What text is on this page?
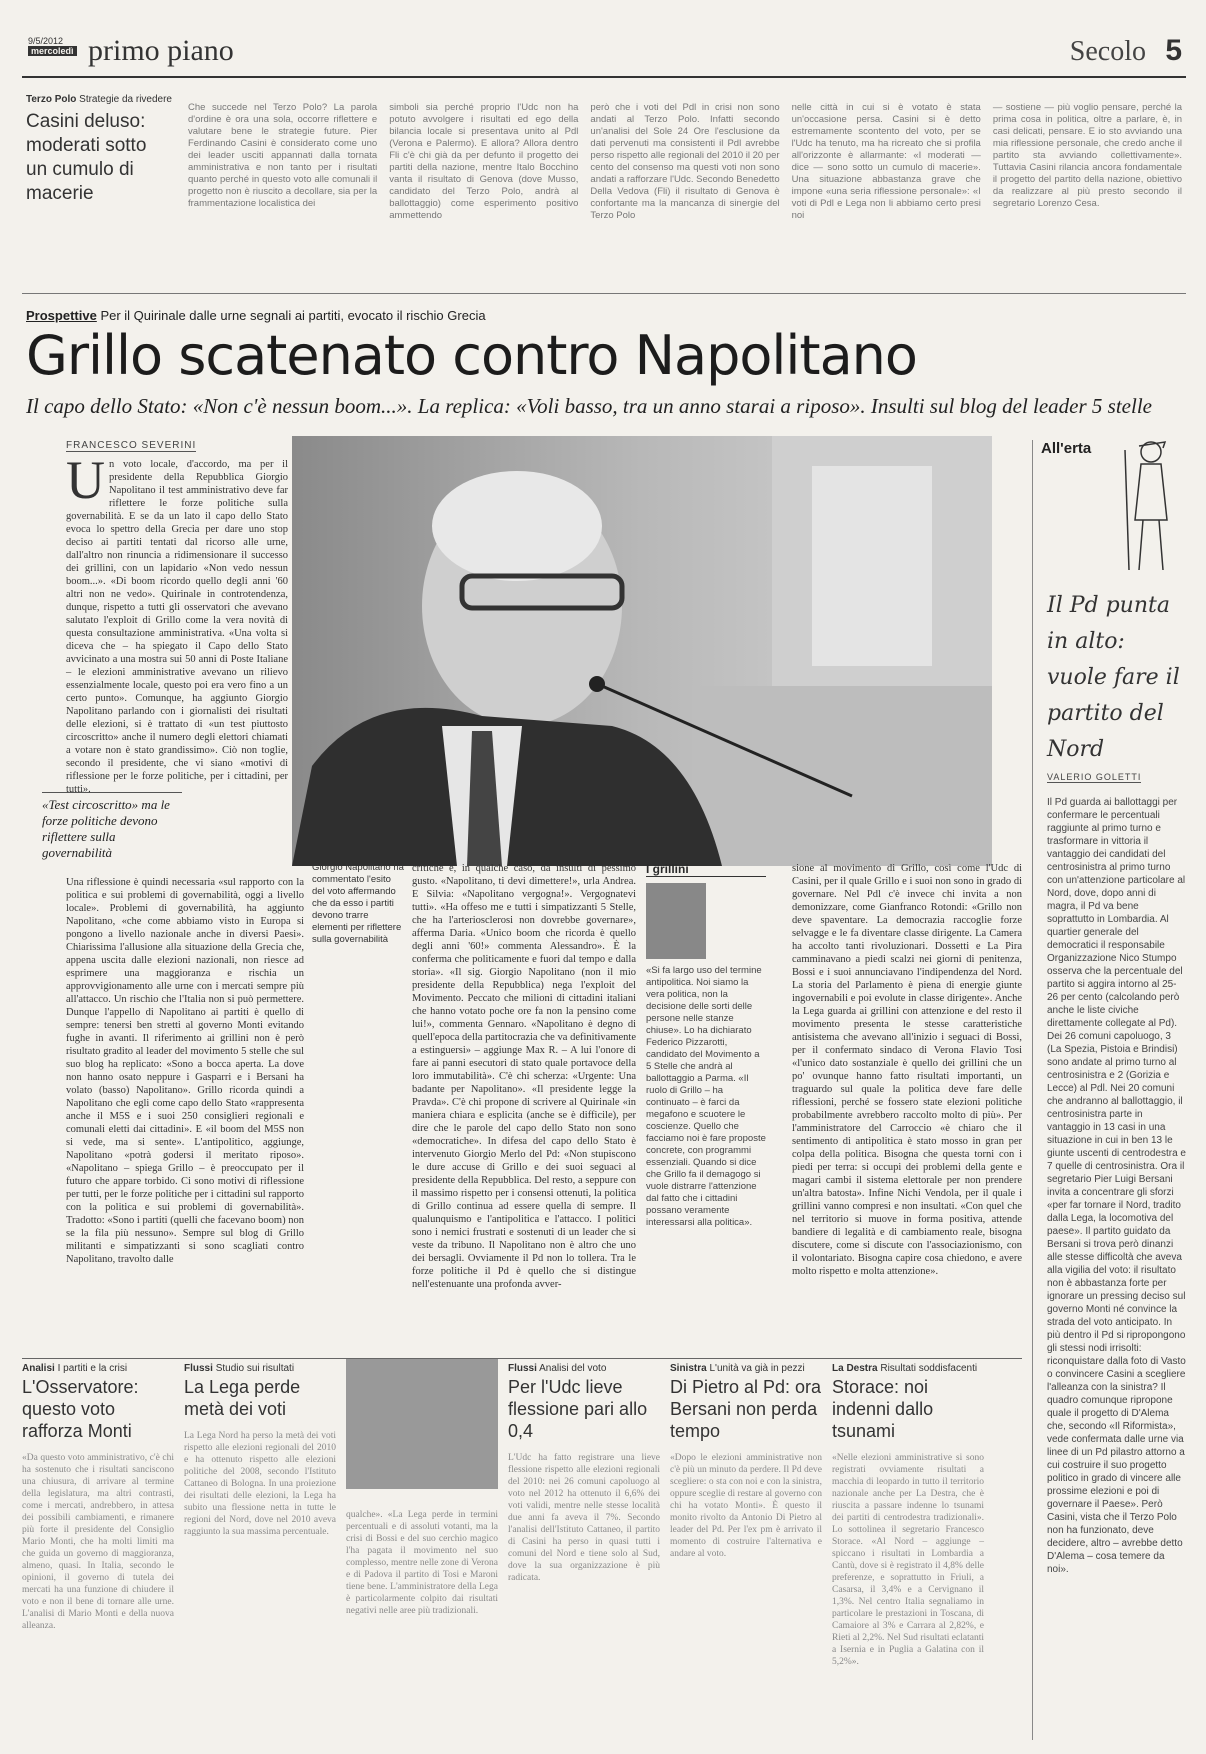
9/5/2012
mercoledì primo piano	Secolo 5
Terzo Polo Strategie da rivedere
Casini deluso: moderati sotto un cumulo di macerie
Che succede nel Terzo Polo? La parola d'ordine è ora una sola, occorre riflettere e valutare bene le strategie future. Pier Ferdinando Casini è considerato come uno dei leader usciti appannati dalla tornata amministrativa e non tanto per i risultati quanto perché in questo voto alle comunali il progetto non è riuscito a decollare, sia per la frammentazione localistica dei
simboli sia perché proprio l'Udc non ha potuto avvolgere i risultati ed ego della bilancia locale si presentava unito al Pdl (Verona e Palermo). E allora? Allora dentro Fli c'è chi già da per defunto il progetto dei partiti della nazione, mentre Italo Bocchino vanta il risultato di Genova (dove Musso, candidato del Terzo Polo, andrà al ballottaggio) come esperimento positivo ammettendo
però che i voti del Pdl in crisi non sono andati al Terzo Polo. Infatti secondo un'analisi del Sole 24 Ore l'esclusione da dati pervenuti ma consistenti il Pdl avrebbe perso rispetto alle regionali del 2010 il 20 per cento del consenso ma questi voti non sono andati a rafforzare l'Udc. Secondo Benedetto Della Vedova (Fli) il risultato di Genova è confortante ma la mancanza di sinergie del Terzo Polo
nelle città in cui si è votato è stata un'occasione persa. Casini si è detto estremamente scontento del voto, per se l'Udc ha tenuto, ma ha ricreato che si profila all'orizzonte è allarmante: «I moderati — dice — sono sotto un cumulo di macerie». Una situazione abbastanza grave che impone «una seria riflessione personale»: «I voti di Pdl e Lega non li abbiamo certo presi noi
— sostiene — più voglio pensare, perché la prima cosa in politica, oltre a parlare, è, in casi delicati, pensare. E io sto avviando una mia riflessione personale, che credo anche il partito sta avviando collettivamente». Tuttavia Casini rilancia ancora fondamentale il progetto del partito della nazione, obiettivo da realizzare al più presto secondo il segretario Lorenzo Cesa.
Prospettive Per il Quirinale dalle urne segnali ai partiti, evocato il rischio Grecia
Grillo scatenato contro Napolitano
Il capo dello Stato: «Non c'è nessun boom...». La replica: «Voli basso, tra un anno starai a riposo». Insulti sul blog del leader 5 stelle
FRANCESCO SEVERINI
Un voto locale, d'accordo, ma per il presidente della Repubblica Giorgio Napolitano il test amministrativo deve far riflettere le forze politiche sulla governabilità. E se da un lato il capo dello Stato evoca lo spettro della Grecia per dare uno stop deciso ai partiti tentati dal ricorso alle urne, dall'altro non rinuncia a ridimensionare il successo dei grillini, con un lapidario «Non vedo nessun boom...». «Di boom ricordo quello degli anni '60 altri non ne vedo». Quirinale in controtendenza, dunque, rispetto a tutti gli osservatori che avevano salutato l'exploit di Grillo come la vera novità di questa consultazione amministrativa. «Una volta si diceva che – ha spiegato il Capo dello Stato avvicinato a una mostra sui 50 anni di Poste Italiane – le elezioni amministrative avevano un rilievo essenzialmente locale, questo poi era vero fino a un certo punto». Comunque, ha aggiunto Giorgio Napolitano parlando con i giornalisti dei risultati delle elezioni, si è trattato di «un test piuttosto circoscritto» anche il numero degli elettori chiamati a votare non è stato grandissimo». Ciò non toglie, secondo il presidente, che vi siano «motivi di riflessione per le forze politiche, per i cittadini, per tutti».
«Test circoscritto» ma le forze politiche devono riflettere sulla governabilità
Una riflessione è quindi necessaria «sul rapporto con la politica e sui problemi di governabilità, oggi a livello locale». Problemi di governabilità, ha aggiunto Napolitano, «che come abbiamo visto in Europa si pongono a livello nazionale anche in diversi Paesi». Chiarissima l'allusione alla situazione della Grecia che, appena uscita dalle elezioni nazionali, non riesce ad esprimere una maggioranza e rischia un approvvigionamento alle urne con i mercati sempre più all'attacco. Un rischio che l'Italia non si può permettere. Dunque l'appello di Napolitano ai partiti è quello di sempre: tenersi ben stretti al governo Monti evitando fughe in avanti. Il riferimento ai grillini non è però risultato gradito al leader del movimento 5 stelle che sul suo blog ha replicato: «Sono a bocca aperta. La dove non hanno osato neppure i Gasparri e i Bersani ha volato (basso) Napolitano». Grillo ricorda quindi a Napolitano che egli come capo dello Stato «rappresenta anche il M5S e i suoi 250 consiglieri regionali e comunali eletti dai cittadini». E «il boom del M5S non si vede, ma si sente». L'antipolitico, aggiunge, Napolitano «potrà godersi il meritato riposo». «Napolitano – spiega Grillo – è preoccupato per il futuro che appare torbido. Ci sono motivi di riflessione per tutti, per le forze politiche per i cittadini sul rapporto con la politica e sui problemi di governabilità». Tradotto: «Sono i partiti (quelli che facevano boom) non se la fila più nessuno». Sempre sul blog di Grillo militanti e simpatizzanti si sono scagliati contro Napolitano, travolto dalle
Giorgio Napolitano ha commentato l'esito del voto affermando che da esso i partiti devono trarre elementi per riflettere sulla governabilità
critiche e, in qualche caso, da insulti di pessimo gusto. «Napolitano, ti devi dimettere!», urla Andrea. E Silvia: «Napolitano vergogna!». Vergognatevi tutti». «Ha offeso me e tutti i simpatizzanti 5 Stelle, che ha l'arteriosclerosi non dovrebbe governare», afferma Daria. «Unico boom che ricorda è quello degli anni '60!» commenta Alessandro». È la conferma che politicamente e fuori dal tempo e dalla storia». «Il sig. Giorgio Napolitano (non il mio presidente della Repubblica) nega l'exploit del Movimento. Peccato che milioni di cittadini italiani che hanno votato poche ore fa non la pensino come lui!», commenta Gennaro. «Napolitano è degno di quell'epoca della partitocrazia che va definitivamente a estinguersi» – aggiunge Max R. – A lui l'onore di fare ai panni esecutori di stato quale portavoce della loro immutabilità». C'è chi scherza: «Urgente: Una badante per Napolitano». «Il presidente legge la Pravda». C'è chi propone di scrivere al Quirinale «in maniera chiara e esplicita (anche se è difficile), per dire che le parole del capo dello Stato non sono «democratiche». In difesa del capo dello Stato è intervenuto Giorgio Merlo del Pd: «Non stupiscono le dure accuse di Grillo e dei suoi seguaci al presidente della Repubblica. Del resto, a seppure con il massimo rispetto per i consensi ottenuti, la politica di Grillo continua ad essere quella di sempre. Il qualunquismo e l'antipolitica e l'attacco. I politici sono i nemici frustrati e sostenuti di un leader che si veste da tribuno. Il Napolitano non è altro che uno dei bersagli. Ovviamente il Pd non lo tollera. Tra le forze politiche il Pd è quello che si distingue nell'estenuante una profonda avver-
I grillini
«Si fa largo uso del termine antipolitica. Noi siamo la vera politica, non la decisione delle sorti delle persone nelle stanze chiuse». Lo ha dichiarato Federico Pizzarotti, candidato del Movimento a 5 Stelle che andrà al ballottaggio a Parma. «Il ruolo di Grillo – ha continuato – è farci da megafono e scuotere le coscienze. Quello che facciamo noi è fare proposte concrete, con programmi essenziali. Quando si dice che Grillo fa il demagogo si vuole distrarre l'attenzione dal fatto che i cittadini possano veramente interessarsi alla politica».
sione al movimento di Grillo, così come l'Udc di Casini, per il quale Grillo e i suoi non sono in grado di governare. Nel Pdl c'è invece chi invita a non demonizzare, come Gianfranco Rotondi: «Grillo non deve spaventare. La democrazia raccoglie forze selvagge e le fa diventare classe dirigente. La Camera ha accolto tanti rivoluzionari. Dossetti e La Pira camminavano a piedi scalzi nei giorni di penitenza, Bossi e i suoi annunciavano l'indipendenza del Nord. La storia del Parlamento è piena di energie giunte ingovernabili e poi evolute in classe dirigente». Anche la Lega guarda ai grillini con attenzione e del resto il movimento presenta le stesse caratteristiche antisistema che avevano all'inizio i seguaci di Bossi, per il confermato sindaco di Verona Flavio Tosi «l'unico dato sostanziale è quello dei grillini che un po' ovunque hanno fatto risultati importanti, un traguardo sul quale la politica deve fare delle riflessioni, perché se fossero state elezioni politiche probabilmente avrebbero raccolto molto di più». Per l'amministratore del Carroccio «è chiaro che il sentimento di antipolitica è stato mosso in gran per colpa della politica. Bisogna che questa torni con i piedi per terra: si occupi dei problemi della gente e magari cambi il sistema elettorale per non prendere un'altra batosta». Infine Nichi Vendola, per il quale i grillini vanno compresi e non insultati. «Con quel che nel territorio si muove in forma positiva, attende bandiere di legalità e di cambiamento reale, bisogna discutere, come si discute con l'associazionismo, con il volontariato. Bisogna capire cosa chiedono, e avere molto rispetto e molta attenzione».
All'erta
Il Pd punta in alto: vuole fare il partito del Nord
VALERIO GOLETTI
Il Pd guarda ai ballottaggi per confermare le percentuali raggiunte al primo turno e trasformare in vittoria il vantaggio dei candidati del centrosinistra al primo turno con un'attenzione particolare al Nord, dove, dopo anni di magra, il Pd va bene soprattutto in Lombardia. Al quartier generale del democratici il responsabile Organizzazione Nico Stumpo osserva che la percentuale del partito si aggira intorno al 25-26 per cento (calcolando però anche le liste civiche direttamente collegate al Pd). Dei 26 comuni capoluogo, 3 (La Spezia, Pistoia e Brindisi) sono andate al primo turno al centrosinistra e 2 (Gorizia e Lecce) al Pdl. Nei 20 comuni che andranno al ballottaggio, il centrosinistra parte in vantaggio in 13 casi in una situazione in cui in ben 13 le giunte uscenti di centrodestra e 7 quelle di centrosinistra. Ora il segretario Pier Luigi Bersani invita a concentrare gli sforzi «per far tornare il Nord, tradito dalla Lega, la locomotiva del paese». Il partito guidato da Bersani si trova però dinanzi alle stesse difficoltà che aveva alla vigilia del voto: il risultato non è abbastanza forte per ignorare un pressing deciso sul governo Monti né convince la strada del voto anticipato. In più dentro il Pd si ripropongono gli stessi nodi irrisolti: riconquistare dalla foto di Vasto o convincere Casini a scegliere l'alleanza con la sinistra? Il quadro comunque ripropone quale il progetto di D'Alema che, secondo «Il Riformista», vede confermata dalle urne via linee di un Pd pilastro attorno a cui costruire il suo progetto politico in grado di vincere alle prossime elezioni e poi di governare il Paese». Però Casini, vista che il Terzo Polo non ha funzionato, deve decidere, altro – avrebbe detto D'Alema – cosa temere da noi».
Analisi I partiti e la crisi
L'Osservatore: questo voto rafforza Monti
«Da questo voto amministrativo, c'è chi ha sostenuto che i risultati sanciscono una chiusura, di arrivare al termine della legislatura, ma altri contrasti, come i mercati, andrebbero, in attesa dei possibili cambiamenti, e rimanere più forte il presidente del Consiglio Mario Monti, che ha molti limiti ma che guida un governo di maggioranza, almeno, quasi. In Italia, secondo le opinioni, il governo di tutela dei mercati ha una funzione di chiudere il voto e non il bene di tornare alle urne. L'analisi di Mario Monti e della nuova alleanza.
Flussi Studio sui risultati
La Lega perde metà dei voti
La Lega Nord ha perso la metà dei voti rispetto alle elezioni regionali del 2010 e ha ottenuto rispetto alle elezioni politiche del 2008, secondo l'Istituto Cattaneo di Bologna. In una proiezione dei risultati delle elezioni, la Lega ha subito una flessione netta in tutte le regioni del Nord, dove nel 2010 aveva raggiunto la sua massima percentuale.
qualche». «La Lega perde in termini percentuali e di assoluti votanti, ma la crisi di Bossi e del suo cerchio magico l'ha pagata il movimento nel suo complesso, mentre nelle zone di Verona e di Padova il partito di Tosi e Maroni tiene bene. L'amministratore della Lega è particolarmente colpito dai risultati negativi nelle aree più tradizionali.
Flussi Analisi del voto
Per l'Udc lieve flessione pari allo 0,4
L'Udc ha fatto registrare una lieve flessione rispetto alle elezioni regionali del 2010: nei 26 comuni capoluogo al voto nel 2012 ha ottenuto il 6,6% dei voti validi, mentre nelle stesse località due anni fa aveva il 7%. Secondo l'analisi dell'Istituto Cattaneo, il partito di Casini ha perso in quasi tutti i comuni del Nord e tiene solo al Sud, dove la sua organizzazione è più radicata.
Sinistra L'unità va già in pezzi
Di Pietro al Pd: ora Bersani non perda tempo
«Dopo le elezioni amministrative non c'è più un minuto da perdere. Il Pd deve scegliere: o sta con noi e con la sinistra, oppure sceglie di restare al governo con chi ha votato Monti». È questo il monito rivolto da Antonio Di Pietro al leader del Pd. Per l'ex pm è arrivato il momento di costruire l'alternativa e andare al voto.
La Destra Risultati soddisfacenti
Storace: noi indenni dallo tsunami
«Nelle elezioni amministrative si sono registrati ovviamente risultati a macchia di leopardo in tutto il territorio nazionale anche per La Destra, che è riuscita a passare indenne lo tsunami dei partiti di centrodestra tradizionali». Lo sottolinea il segretario Francesco Storace. «Al Nord – aggiunge – spiccano i risultati in Lombardia a Cantù, dove si è registrato il 4,8% delle preferenze, e soprattutto in Friuli, a Casarsa, il 3,4% e a Cervignano il 1,3%. Nel centro Italia segnaliamo in particolare le prestazioni in Toscana, di Camaiore al 3% e Carrara al 2,82%, e Rieti al 2,2%. Nel Sud risultati eclatanti a Isernia e in Puglia a Galatina con il 5,2%».
